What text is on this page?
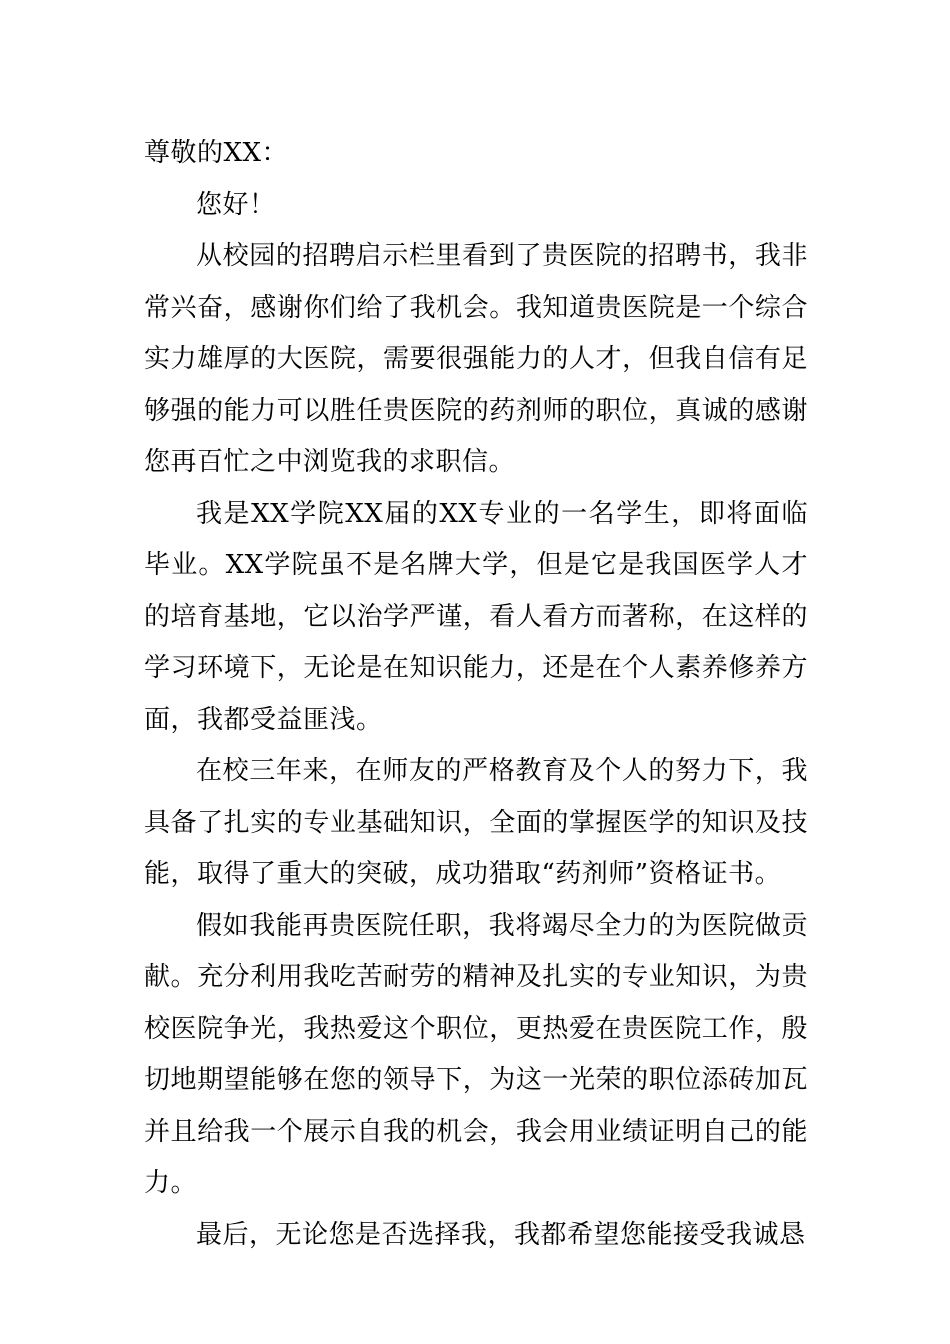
尊敬的XX：

您好！

从校园的招聘启示栏里看到了贵医院的招聘书，我非常兴奋，感谢你们给了我机会。我知道贵医院是一个综合实力雄厚的大医院，需要很强能力的人才，但我自信有足够强的能力可以胜任贵医院的药剂师的职位，真诚的感谢您再百忙之中浏览我的求职信。

我是XX学院XX届的XX专业的一名学生，即将面临毕业。XX学院虽不是名牌大学，但是它是我国医学人才的培育基地，它以治学严谨，看人看方而著称，在这样的学习环境下，无论是在知识能力，还是在个人素养修养方面，我都受益匪浅。

在校三年来，在师友的严格教育及个人的努力下，我具备了扎实的专业基础知识，全面的掌握医学的知识及技能，取得了重大的突破，成功猎取“药剂师”资格证书。

假如我能再贵医院任职，我将竭尽全力的为医院做贡献。充分利用我吃苦耐劳的精神及扎实的专业知识，为贵校医院争光，我热爱这个职位，更热爱在贵医院工作，殷切地期望能够在您的领导下，为这一光荣的职位添砖加瓦并且给我一个展示自我的机会，我会用业绩证明自己的能力。

最后，无论您是否选择我，我都希望您能接受我诚恳
